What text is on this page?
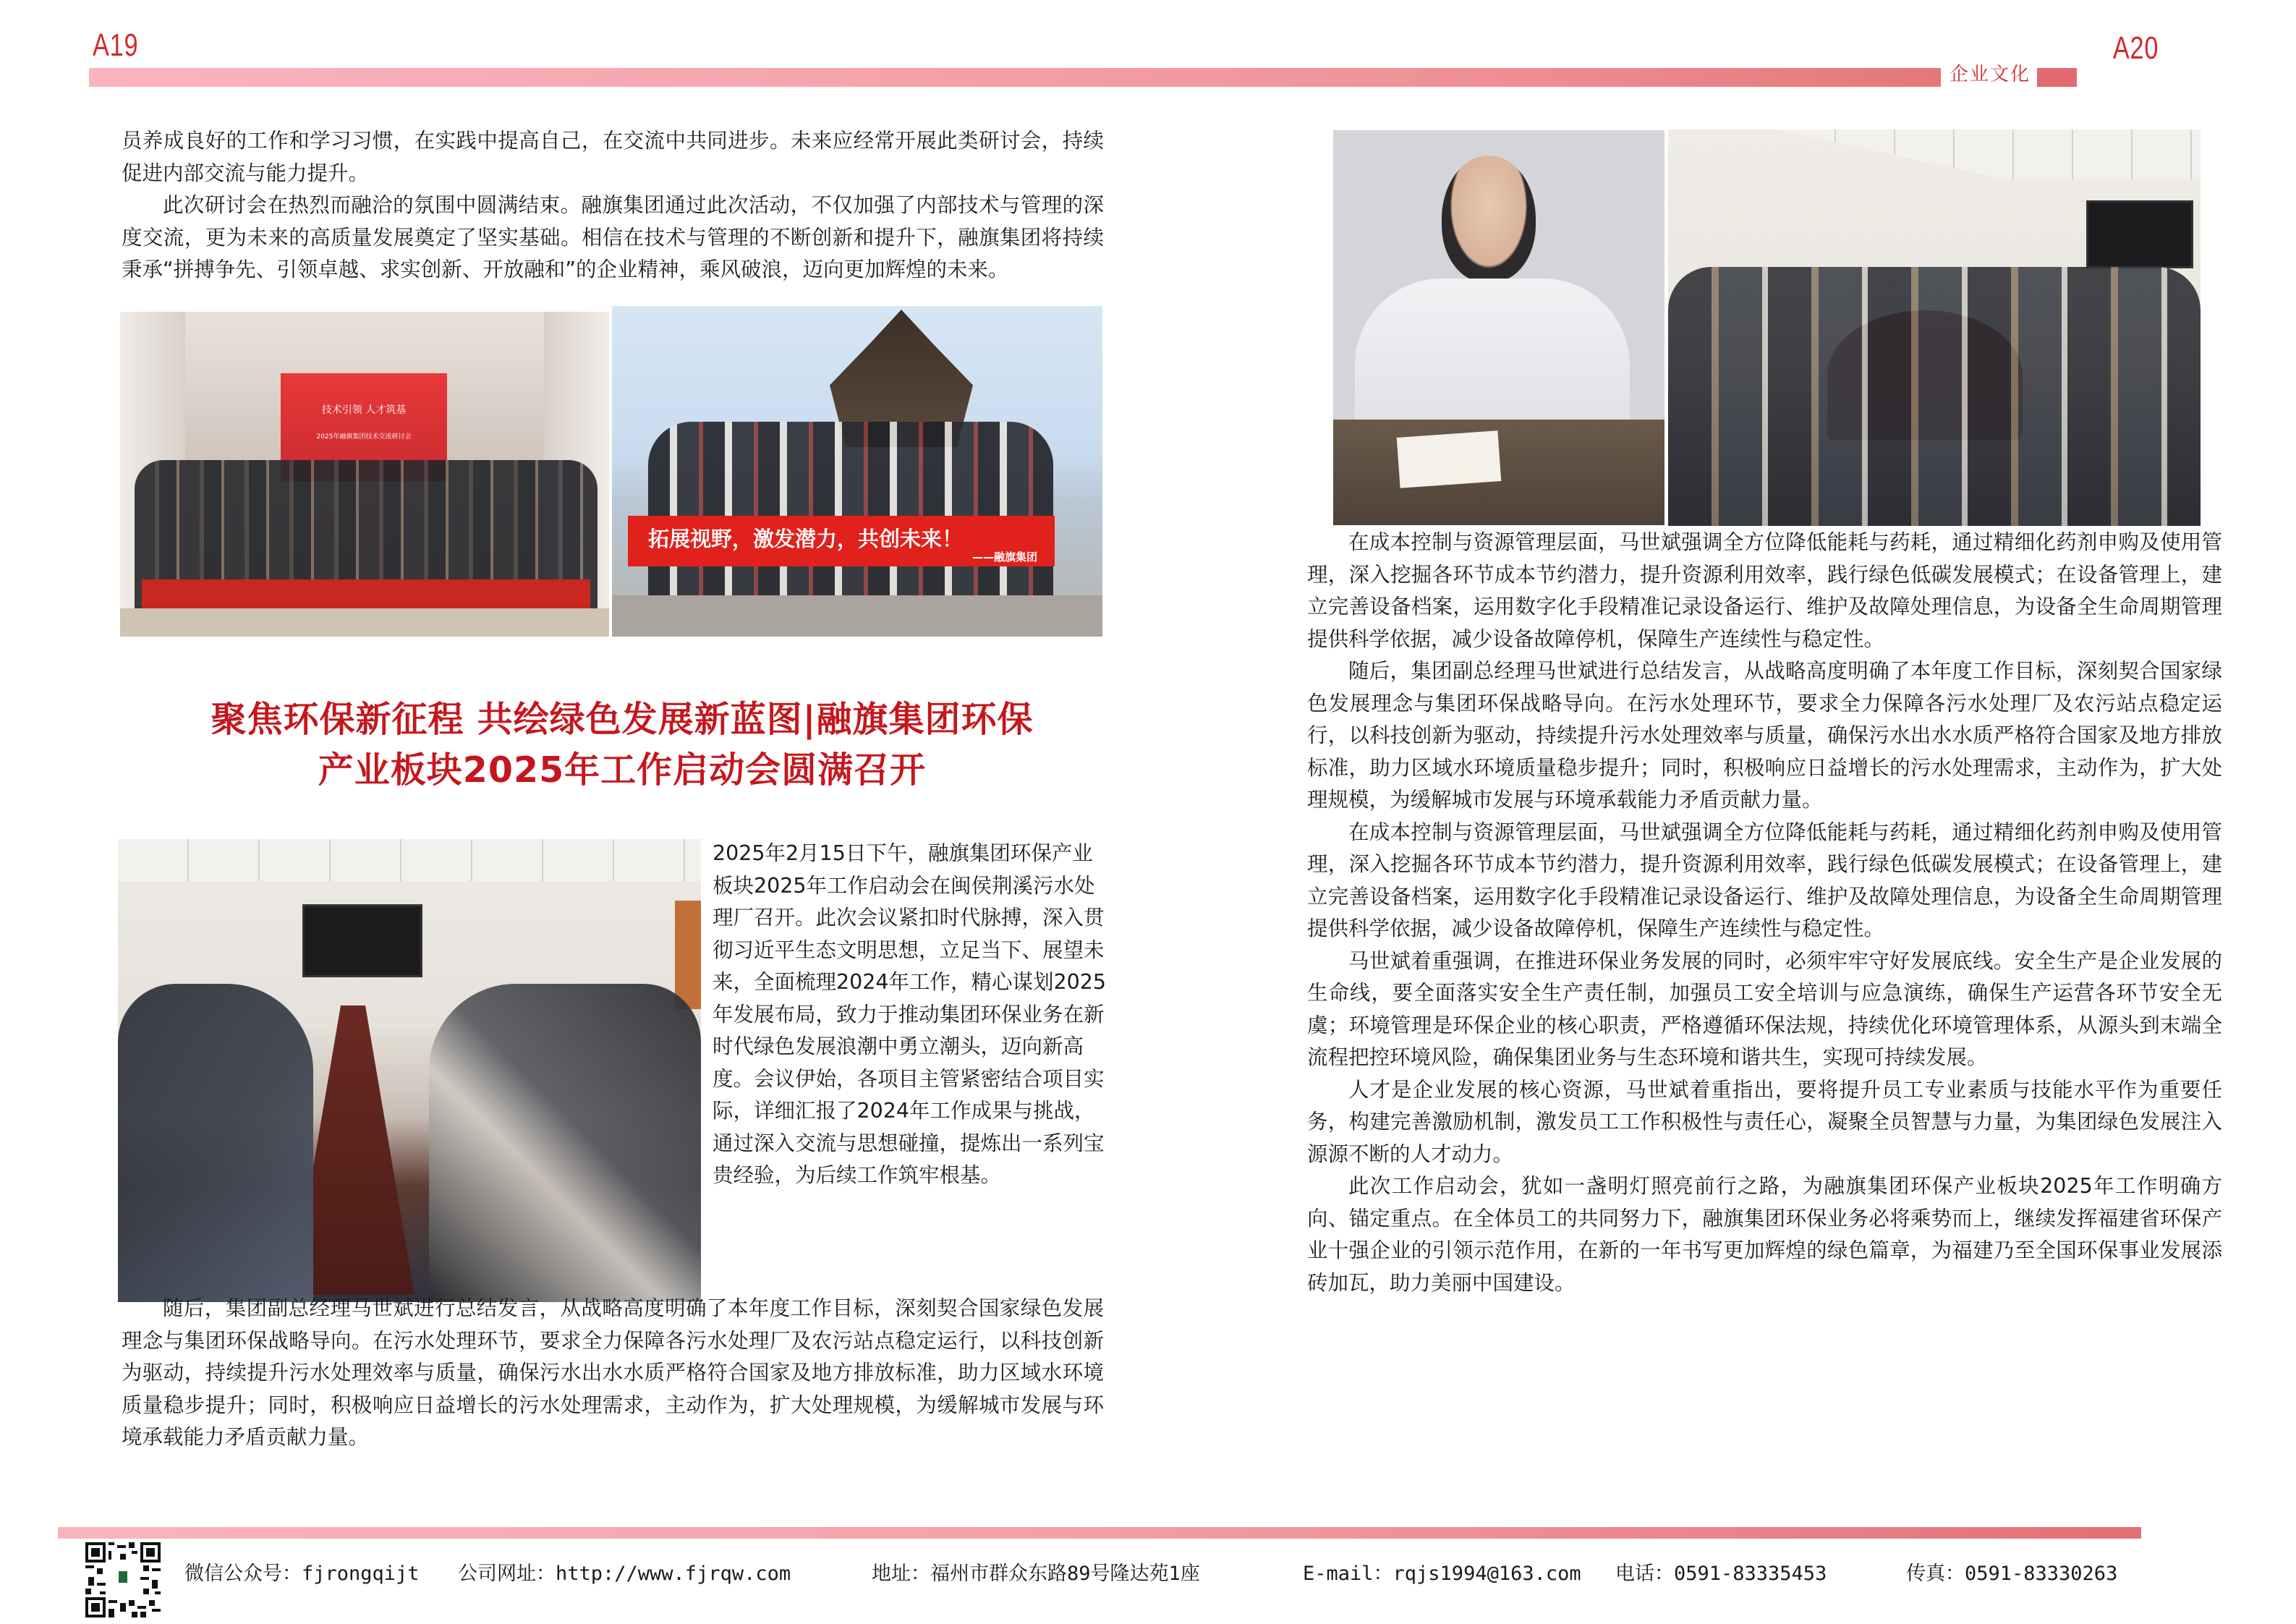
A19	A20
企业文化

员养成良好的工作和学习习惯，在实践中提高自己，在交流中共同进步。未来应经常开展此类研讨会，持续促进内部交流与能力提升。

此次研讨会在热烈而融洽的氛围中圆满结束。融旗集团通过此次活动，不仅加强了内部技术与管理的深度交流，更为未来的高质量发展奠定了坚实基础。相信在技术与管理的不断创新和提升下，融旗集团将持续秉承“拼搏争先、引领卓越、求实创新、开放融和”的企业精神，乘风破浪，迈向更加辉煌的未来。

技术引领 人才筑基
2025年融旗集团技术交流研讨会
拓展视野，激发潜力，共创未来！
——融旗集团
聚焦环保新征程 共绘绿色发展新蓝图|融旗集团环保
产业板块2025年工作启动会圆满召开

2025年2月15日下午，融旗集团环保产业板块2025年工作启动会在闽侯荆溪污水处理厂召开。此次会议紧扣时代脉搏，深入贯彻习近平生态文明思想，立足当下、展望未来，全面梳理2024年工作，精心谋划2025年发展布局，致力于推动集团环保业务在新时代绿色发展浪潮中勇立潮头，迈向新高度。会议伊始，各项目主管紧密结合项目实际，详细汇报了2024年工作成果与挑战，通过深入交流与思想碰撞，提炼出一系列宝贵经验，为后续工作筑牢根基。

随后，集团副总经理马世斌进行总结发言，从战略高度明确了本年度工作目标，深刻契合国家绿色发展理念与集团环保战略导向。在污水处理环节，要求全力保障各污水处理厂及农污站点稳定运行，以科技创新为驱动，持续提升污水处理效率与质量，确保污水出水水质严格符合国家及地方排放标准，助力区域水环境质量稳步提升；同时，积极响应日益增长的污水处理需求，主动作为，扩大处理规模，为缓解城市发展与环境承载能力矛盾贡献力量。

在成本控制与资源管理层面，马世斌强调全方位降低能耗与药耗，通过精细化药剂申购及使用管理，深入挖掘各环节成本节约潜力，提升资源利用效率，践行绿色低碳发展模式；在设备管理上，建立完善设备档案，运用数字化手段精准记录设备运行、维护及故障处理信息，为设备全生命周期管理提供科学依据，减少设备故障停机，保障生产连续性与稳定性。

随后，集团副总经理马世斌进行总结发言，从战略高度明确了本年度工作目标，深刻契合国家绿色发展理念与集团环保战略导向。在污水处理环节，要求全力保障各污水处理厂及农污站点稳定运行，以科技创新为驱动，持续提升污水处理效率与质量，确保污水出水水质严格符合国家及地方排放标准，助力区域水环境质量稳步提升；同时，积极响应日益增长的污水处理需求，主动作为，扩大处理规模，为缓解城市发展与环境承载能力矛盾贡献力量。

在成本控制与资源管理层面，马世斌强调全方位降低能耗与药耗，通过精细化药剂申购及使用管理，深入挖掘各环节成本节约潜力，提升资源利用效率，践行绿色低碳发展模式；在设备管理上，建立完善设备档案，运用数字化手段精准记录设备运行、维护及故障处理信息，为设备全生命周期管理提供科学依据，减少设备故障停机，保障生产连续性与稳定性。

马世斌着重强调，在推进环保业务发展的同时，必须牢牢守好发展底线。安全生产是企业发展的生命线，要全面落实安全生产责任制，加强员工安全培训与应急演练，确保生产运营各环节安全无虞；环境管理是环保企业的核心职责，严格遵循环保法规，持续优化环境管理体系，从源头到末端全流程把控环境风险，确保集团业务与生态环境和谐共生，实现可持续发展。

人才是企业发展的核心资源，马世斌着重指出，要将提升员工专业素质与技能水平作为重要任务，构建完善激励机制，激发员工工作积极性与责任心，凝聚全员智慧与力量，为集团绿色发展注入源源不断的人才动力。

此次工作启动会，犹如一盏明灯照亮前行之路，为融旗集团环保产业板块2025年工作明确方向、锚定重点。在全体员工的共同努力下，融旗集团环保业务必将乘势而上，继续发挥福建省环保产业十强企业的引领示范作用，在新的一年书写更加辉煌的绿色篇章，为福建乃至全国环保事业发展添砖加瓦，助力美丽中国建设。

微信公众号：fjrongqijt	公司网址：http://www.fjrqw.com	地址：福州市群众东路89号隆达苑1座	E-mail：rqjs1994@163.com	电话：0591-83335453	传真：0591-83330263
